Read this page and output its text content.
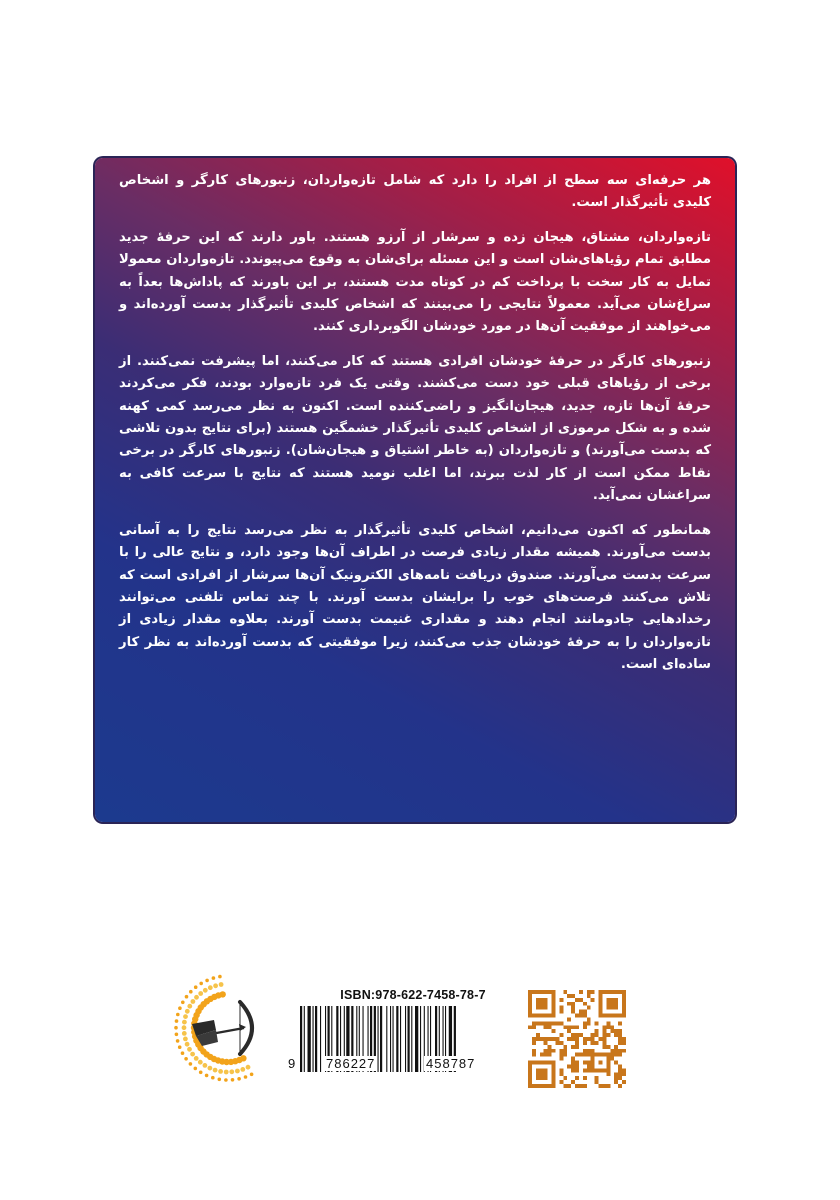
هر حرفه‌ای سه سطح از افراد را دارد که شامل تازه‌واردان، زنبورهای کارگر و اشخاص کلیدی تأثیرگذار است.

تازه‌واردان، مشتاق، هیجان زده و سرشار از آرزو هستند. باور دارند که این حرفهٔ جدید مطابق تمام رؤیاهای‌شان است و این مسئله برای‌شان به وقوع می‌پیوندد. تازه‌واردان معمولا تمایل به کار سخت با پرداخت کم در کوتاه مدت هستند، بر این باورند که پاداش‌ها بعداً به سراغ‌شان می‌آید. معمولاً نتایجی را می‌بینند که اشخاص کلیدی تأثیرگذار بدست آورده‌اند و می‌خواهند از موفقیت آن‌ها در مورد خودشان الگوبرداری کنند.

زنبورهای کارگر در حرفهٔ خودشان افرادی هستند که کار می‌کنند، اما پیشرفت نمی‌کنند. از برخی از رؤیاهای قبلی خود دست می‌کشند. وقتی یک فرد تازه‌وارد بودند، فکر می‌کردند حرفهٔ آن‌ها تازه، جدید، هیجان‌انگیز و راضی‌کننده است. اکنون به نظر می‌رسد کمی کهنه شده و به شکل مرموزی از اشخاص کلیدی تأثیرگذار خشمگین هستند (برای نتایج بدون تلاشی که بدست می‌آورند) و تازه‌واردان (به خاطر اشتیاق و هیجان‌شان). زنبورهای کارگر در برخی نقاط ممکن است از کار لذت ببرند، اما اغلب نومید هستند که نتایج با سرعت کافی به سراغشان نمی‌آید.

همانطور که اکنون می‌دانیم، اشخاص کلیدی تأثیرگذار به نظر می‌رسد نتایج را به آسانی بدست می‌آورند. همیشه مقدار زیادی فرصت در اطراف آن‌ها وجود دارد، و نتایج عالی را با سرعت بدست می‌آورند. صندوق دریافت نامه‌های الکترونیک آن‌ها سرشار از افرادی است که تلاش می‌کنند فرصت‌های خوب را برایشان بدست آورند. با چند تماس تلفنی می‌توانند رخدادهایی جادومانند انجام دهند و مقداری غنیمت بدست آورند. بعلاوه مقدار زیادی از تازه‌واردان را به حرفهٔ خودشان جذب می‌کنند، زیرا موفقیتی که بدست آورده‌اند به نظر کار ساده‌ای است.

ISBN:978-622-7458-78-7
9 786227	458787
